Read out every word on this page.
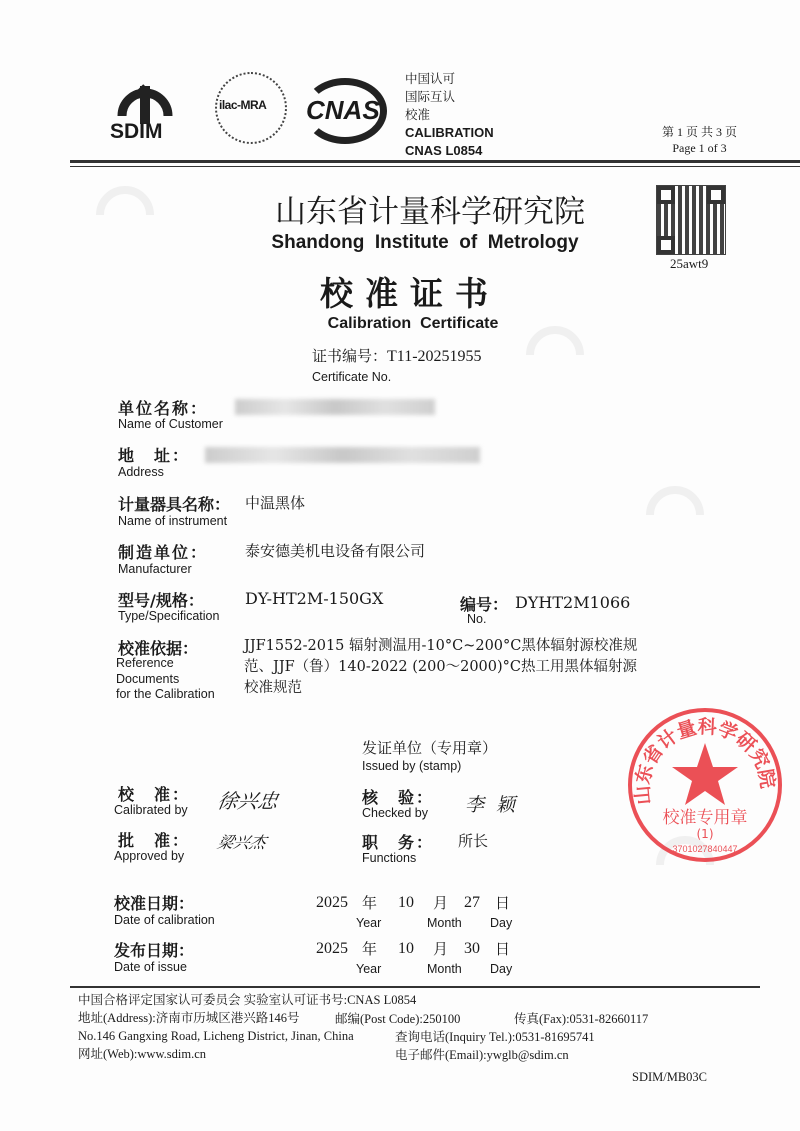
SDIM
ilac-MRA CNAS
中国认可
国际互认
校准
CALIBRATION
CNAS L0854
第 1 页 共 3 页
Page 1 of 3
25awt9
山东省计量科学研究院
Shandong  Institute  of  Metrology
校准证书
Calibration  Certificate
证书编号：T11-20251955
Certificate No.
单位名称：
Name of Customer
地　址：
Address
计量器具名称：
Name of instrument
中温黑体
制造单位：
Manufacturer
泰安德美机电设备有限公司
型号/规格：
Type/Specification
DY-HT2M-150GX	编号：
No.
DYHT2M1066
校准依据：
Reference
Documents
for the Calibration
JJF1552-2015 辐射测温用-10°C~200°C黑体辐射源校准规
范、JJF（鲁）140-2022 (200～2000)°C热工用黑体辐射源
校准规范
发证单位（专用章）
Issued by (stamp)
校　准：
Calibrated by 徐兴忠	核　验：
Checked by 李颖
批　准：
Approved by
梁兴杰	职　务：
Functions
所长
山东省计量科学研究院
校准专用章
(1)
3701027840447
校准日期：
Date of calibration
2025 年 10 月 27 日
Year	Month Day
发布日期：
Date of issue
2025 年 10 月 30 日
Year	Month Day
中国合格评定国家认可委员会 实验室认可证书号:CNAS L0854
地址(Address):济南市历城区港兴路146号
No.146 Gangxing Road, Licheng District, Jinan, China
网址(Web):www.sdim.cn
邮编(Post Code):250100	传真(Fax):0531-82660117
查询电话(Inquiry Tel.):0531-81695741
电子邮件(Email):ywglb@sdim.cn
SDIM/MB03C
